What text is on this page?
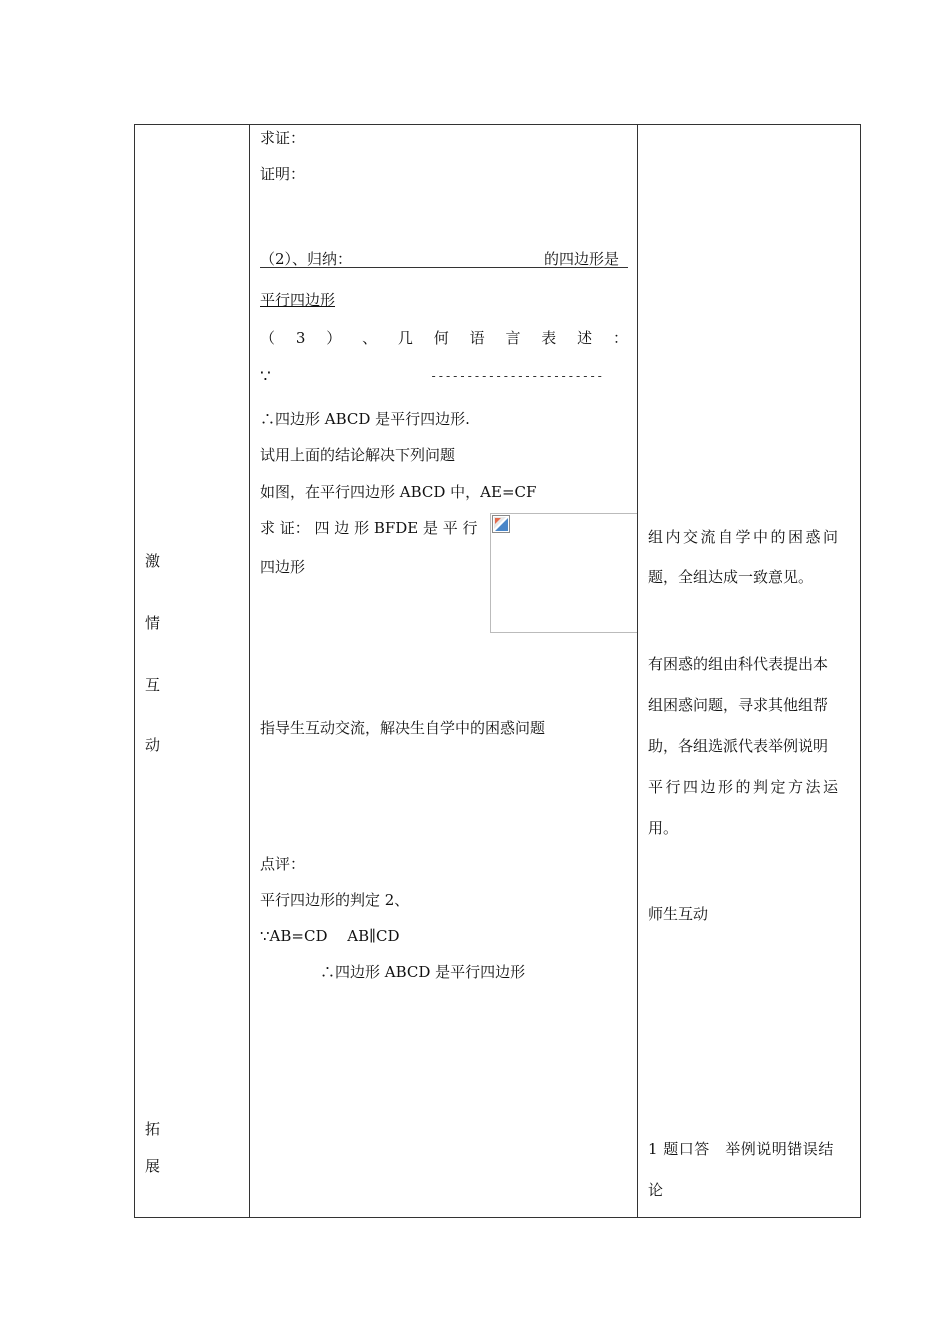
激
情
互
动
拓
展
求证：
证明：
（2）、归纳：	的四边形是
平行四边形
（ 3 ） 、 几 何 语 言 表 述 ：
∵	------------------------
∴四边形 ABCD 是平行四边形.
试用上面的结论解决下列问题
如图，在平行四边形 ABCD 中，AE=CF
求 证： 四 边 形 BFDE 是 平 行
四边形
指导生互动交流，解决生自学中的困惑问题
点评：
平行四边形的判定 2、
∵AB=CD　 AB∥CD
∴四边形 ABCD 是平行四边形
组内交流自学中的困惑问
题，全组达成一致意见。
有困惑的组由科代表提出本
组困惑问题，寻求其他组帮
助，各组选派代表举例说明
平行四边形的判定方法运
用。
师生互动
1 题口答　举例说明错误结
论
